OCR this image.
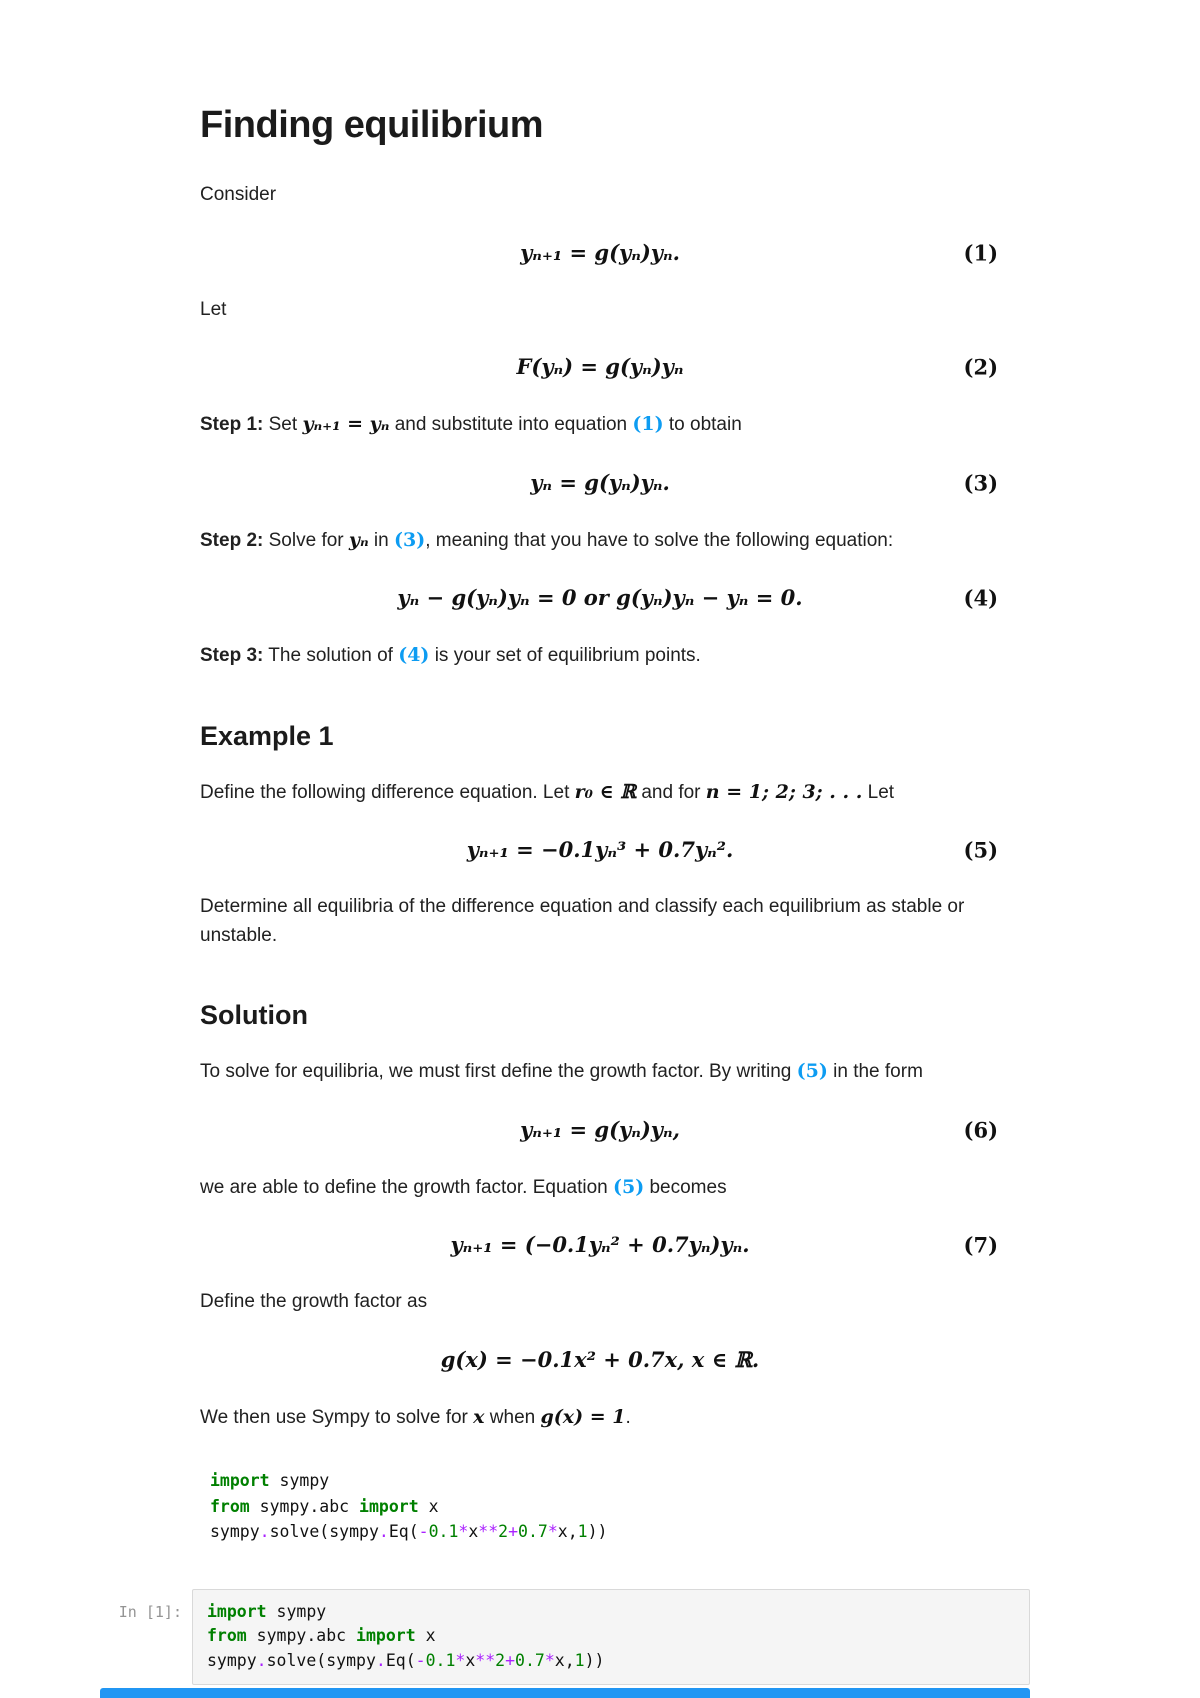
Finding equilibrium

Consider

yₙ₊₁ = g(yₙ)yₙ.	(1)

Let

F(yₙ) = g(yₙ)yₙ	(2)

Step 1: Set yₙ₊₁ = yₙ and substitute into equation (1) to obtain

yₙ = g(yₙ)yₙ.	(3)

Step 2: Solve for yₙ in (3), meaning that you have to solve the following equation:

yₙ − g(yₙ)yₙ = 0 or g(yₙ)yₙ − yₙ = 0.	(4)

Step 3: The solution of (4) is your set of equilibrium points.

Example 1

Define the following difference equation. Let r₀ ∈ ℝ and for n = 1; 2; 3; . . . Let

yₙ₊₁ = −0.1yₙ³ + 0.7yₙ².	(5)

Determine all equilibria of the difference equation and classify each equilibrium as stable or unstable.

Solution

To solve for equilibria, we must first define the growth factor. By writing (5) in the form

yₙ₊₁ = g(yₙ)yₙ,	(6)

we are able to define the growth factor. Equation (5) becomes

yₙ₊₁ = (−0.1yₙ² + 0.7yₙ)yₙ.	(7)

Define the growth factor as

g(x) = −0.1x² + 0.7x, x ∈ ℝ.

We then use Sympy to solve for x when g(x) = 1.

import sympy
from sympy.abc import x
sympy.solve(sympy.Eq(-0.1*x**2+0.7*x,1))
In [1]:	import sympy
from sympy.abc import x
sympy.solve(sympy.Eq(-0.1*x**2+0.7*x,1))
